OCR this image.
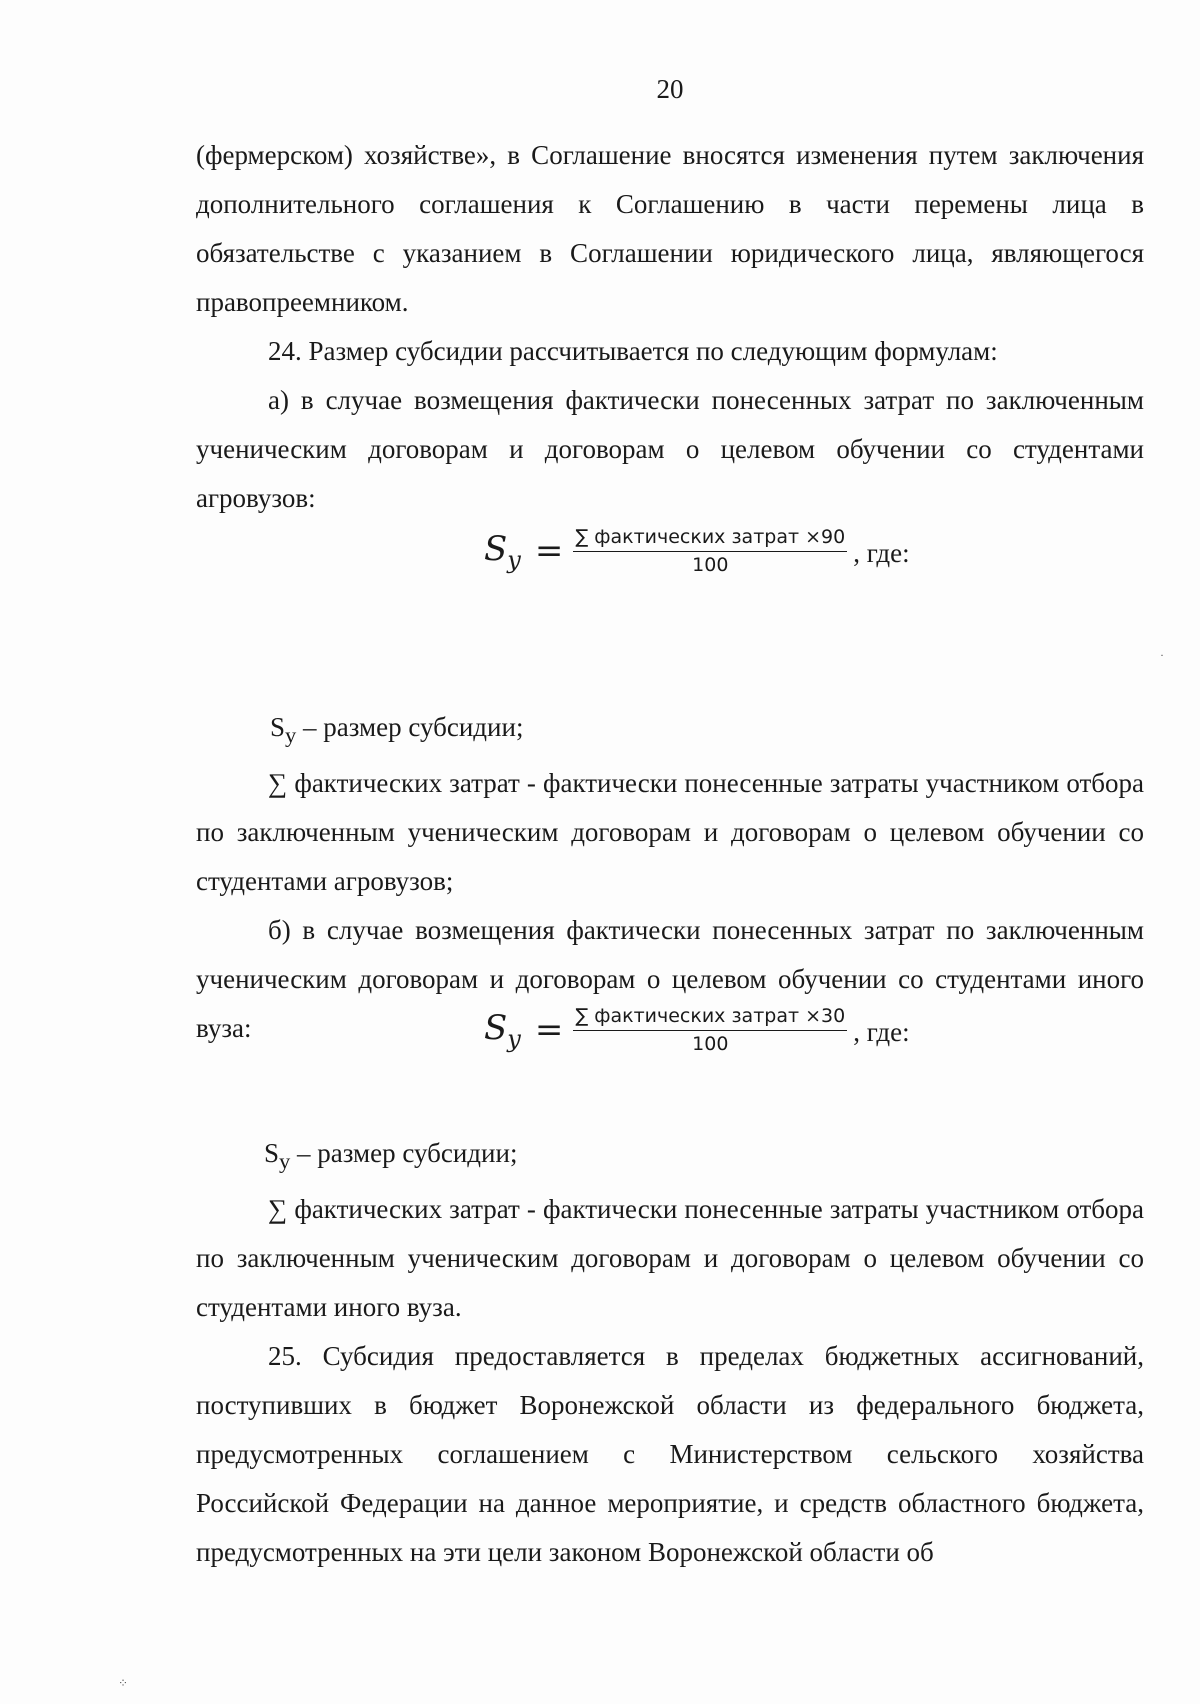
20

(фермерском) хозяйстве», в Соглашение вносятся изменения путем заключения дополнительного соглашения к Соглашению в части перемены лица в обязательстве с указанием в Соглашении юридического лица, являющегося правопреемником.

24. Размер субсидии рассчитывается по следующим формулам:

а) в случае возмещения фактически понесенных затрат по заключенным ученическим договорам и договорам о целевом обучении со студентами агровузов:

$S_y = \frac{\text{∑ фактических затрат ×90}}{100}$ , где:

$S_y$ – размер субсидии;

∑ фактических затрат - фактически понесенные затраты участником отбора по заключенным ученическим договорам и договорам о целевом обучении со студентами агровузов;

б) в случае возмещения фактически понесенных затрат по заключенным ученическим договорам и договорам о целевом обучении со студентами иного вуза:	$S_y = \frac{\text{∑ фактических затрат ×30}}{100}$ , где:

$S_y$ – размер субсидии;

∑ фактических затрат - фактически понесенные затраты участником отбора по заключенным ученическим договорам и договорам о целевом обучении со студентами иного вуза.

25. Субсидия предоставляется в пределах бюджетных ассигнований, поступивших в бюджет Воронежской области из федерального бюджета, предусмотренных соглашением с Министерством сельского хозяйства Российской Федерации на данное мероприятие, и средств областного бюджета, предусмотренных на эти цели законом Воронежской области об

·
⁘
